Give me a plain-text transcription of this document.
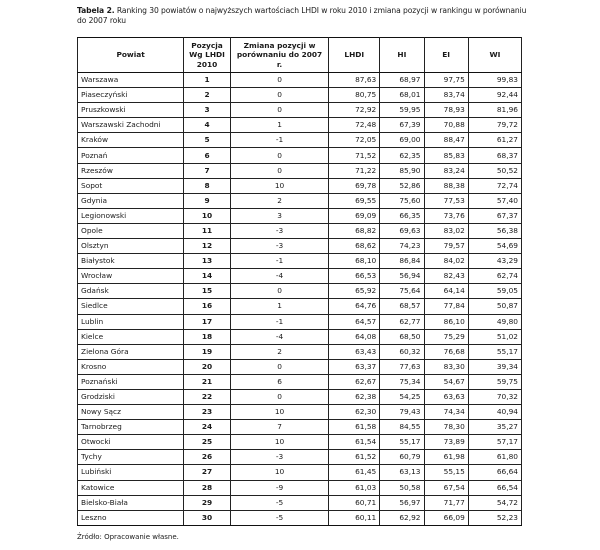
Tabela 2. Ranking 30 powiatów o najwyższych wartościach LHDI w roku 2010 i zmiana pozycji w rankingu w porównaniu do 2007 roku
Powiat	Pozycja Wg LHDI 2010	Zmiana pozycji w porównaniu do 2007 r.	LHDI	HI	EI	WI
Warszawa	1	0	87,63	68,97	97,75	99,83
Piaseczyński	2	0	80,75	68,01	83,74	92,44
Pruszkowski	3	0	72,92	59,95	78,93	81,96
Warszawski Zachodni	4	1	72,48	67,39	70,88	79,72
Kraków	5	-1	72,05	69,00	88,47	61,27
Poznań	6	0	71,52	62,35	85,83	68,37
Rzeszów	7	0	71,22	85,90	83,24	50,52
Sopot	8	10	69,78	52,86	88,38	72,74
Gdynia	9	2	69,55	75,60	77,53	57,40
Legionowski	10	3	69,09	66,35	73,76	67,37
Opole	11	-3	68,82	69,63	83,02	56,38
Olsztyn	12	-3	68,62	74,23	79,57	54,69
Białystok	13	-1	68,10	86,84	84,02	43,29
Wrocław	14	-4	66,53	56,94	82,43	62,74
Gdańsk	15	0	65,92	75,64	64,14	59,05
Siedlce	16	1	64,76	68,57	77,84	50,87
Lublin	17	-1	64,57	62,77	86,10	49,80
Kielce	18	-4	64,08	68,50	75,29	51,02
Zielona Góra	19	2	63,43	60,32	76,68	55,17
Krosno	20	0	63,37	77,63	83,30	39,34
Poznański	21	6	62,67	75,34	54,67	59,75
Grodziski	22	0	62,38	54,25	63,63	70,32
Nowy Sącz	23	10	62,30	79,43	74,34	40,94
Tarnobrzeg	24	7	61,58	84,55	78,30	35,27
Otwocki	25	10	61,54	55,17	73,89	57,17
Tychy	26	-3	61,52	60,79	61,98	61,80
Lubiński	27	10	61,45	63,13	55,15	66,64
Katowice	28	-9	61,03	50,58	67,54	66,54
Bielsko-Biała	29	-5	60,71	56,97	71,77	54,72
Leszno	30	-5	60,11	62,92	66,09	52,23
Źródło: Opracowanie własne.
